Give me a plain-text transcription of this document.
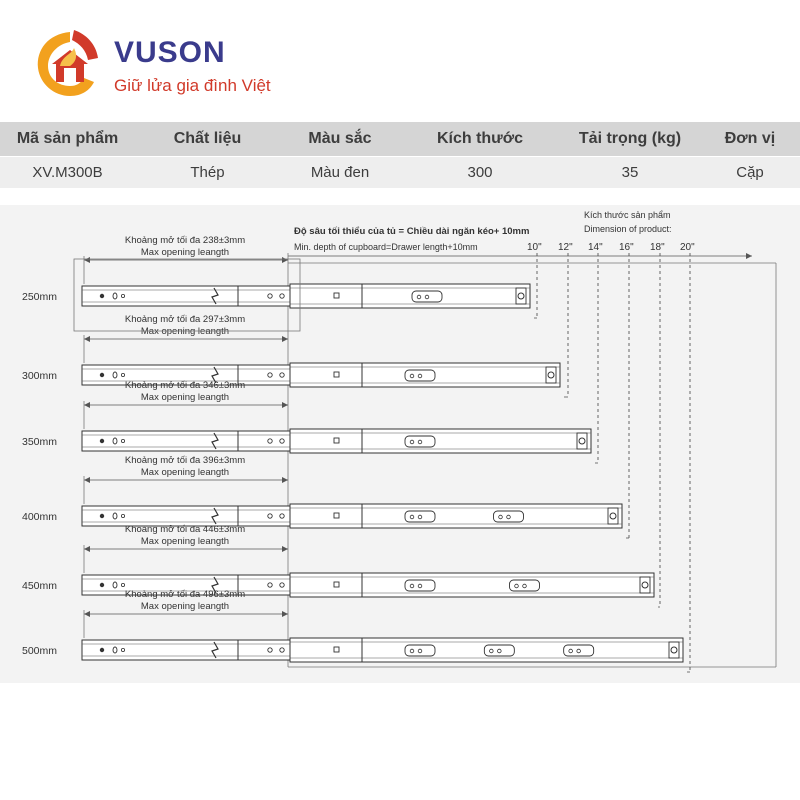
VUSON
Giữ lửa gia đình Việt
Mã sản phẩm	Chất liệu	Màu sắc	Kích thước	Tải trọng (kg)	Đơn vị
XV.M300B	Thép	Màu đen	300	35	Cặp
Độ sâu tối thiểu của tủ = Chiều dài ngăn kéo+ 10mm
Min. depth of cupboard=Drawer length+10mm
Kích thước sản phẩm
Dimension of product:
10" 12" 14" 16" 18" 20"
250mm
Khoảng mở tối đa 238±3mm
Max opening leangth
300mm
Khoảng mở tối đa 297±3mm
Max opening leangth
350mm
Khoảng mở tối đa 346±3mm
Max opening leangth
400mm
Khoảng mở tối đa 396±3mm
Max opening leangth
450mm
Khoảng mở tối đa 446±3mm
Max opening leangth
500mm
Khoảng mở tối đa 496±3mm
Max opening leangth
